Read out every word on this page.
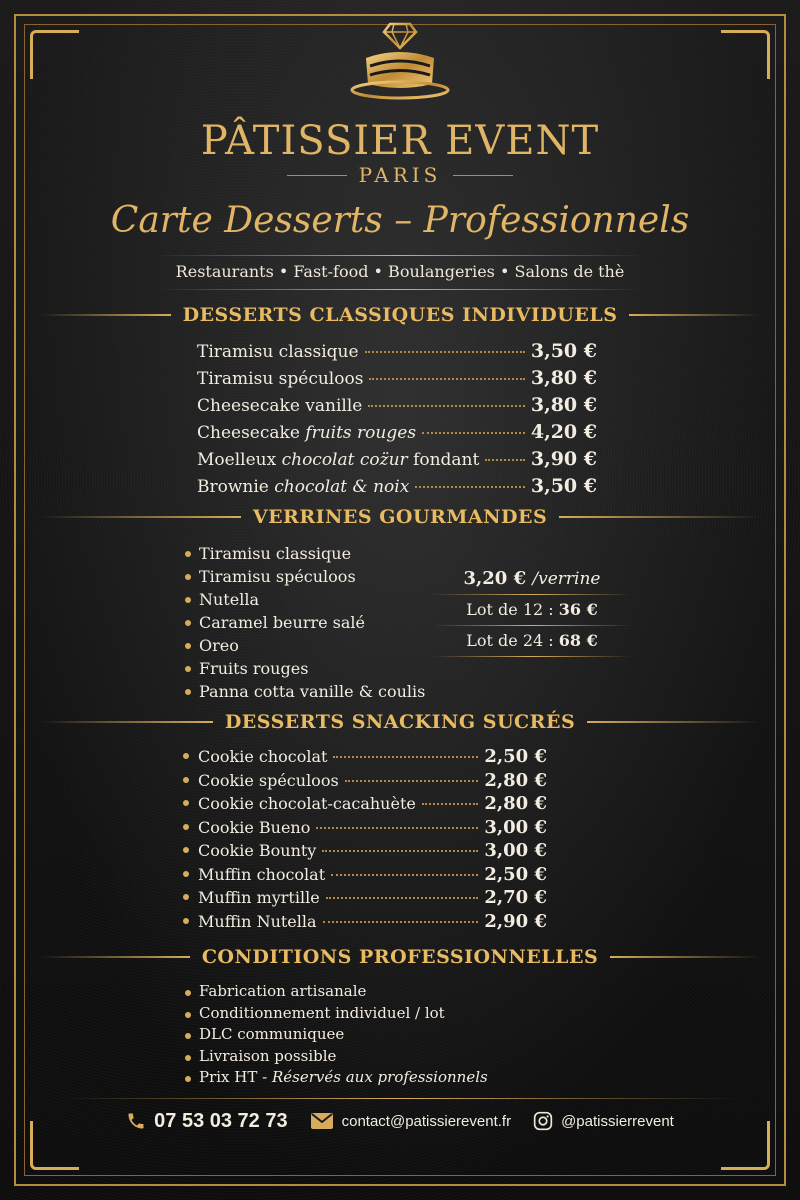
PÂTISSIER EVENT
PARIS
Carte Desserts – Professionnels
Restaurants • Fast-food • Boulangeries • Salons de thè
DESSERTS CLASSIQUES INDIVIDUELS
Tiramisu classique	3,50 €
Tiramisu spéculoos	3,80 €
Cheesecake vanille	3,80 €
Cheesecake fruits rouges	4,20 €
Moelleux chocolat coz̈ur fondant	3,90 €
Brownie chocolat & noix	3,50 €
VERRINES GOURMANDES
Tiramisu classique
Tiramisu spéculoos
Nutella
Caramel beurre salé
Oreo
Fruits rouges
Panna cotta vanille & coulis
3,20 € /verrine
Lot de 12 : 36 €
Lot de 24 : 68 €
DESSERTS SNACKING SUCRÉS
Cookie chocolat	2,50 €
Cookie spéculoos	2,80 €
Cookie chocolat-cacahuète	2,80 €
Cookie Bueno	3,00 €
Cookie Bounty	3,00 €
Muffin chocolat	2,50 €
Muffin myrtille	2,70 €
Muffin Nutella	2,90 €
CONDITIONS PROFESSIONNELLES
Fabrication artisanale
Conditionnement individuel / lot
DLC communiquee
Livraison possible
Prix HT - Réservés aux professionnels
07 53 03 72 73	contact@patissierevent.fr	@patissierrevent
